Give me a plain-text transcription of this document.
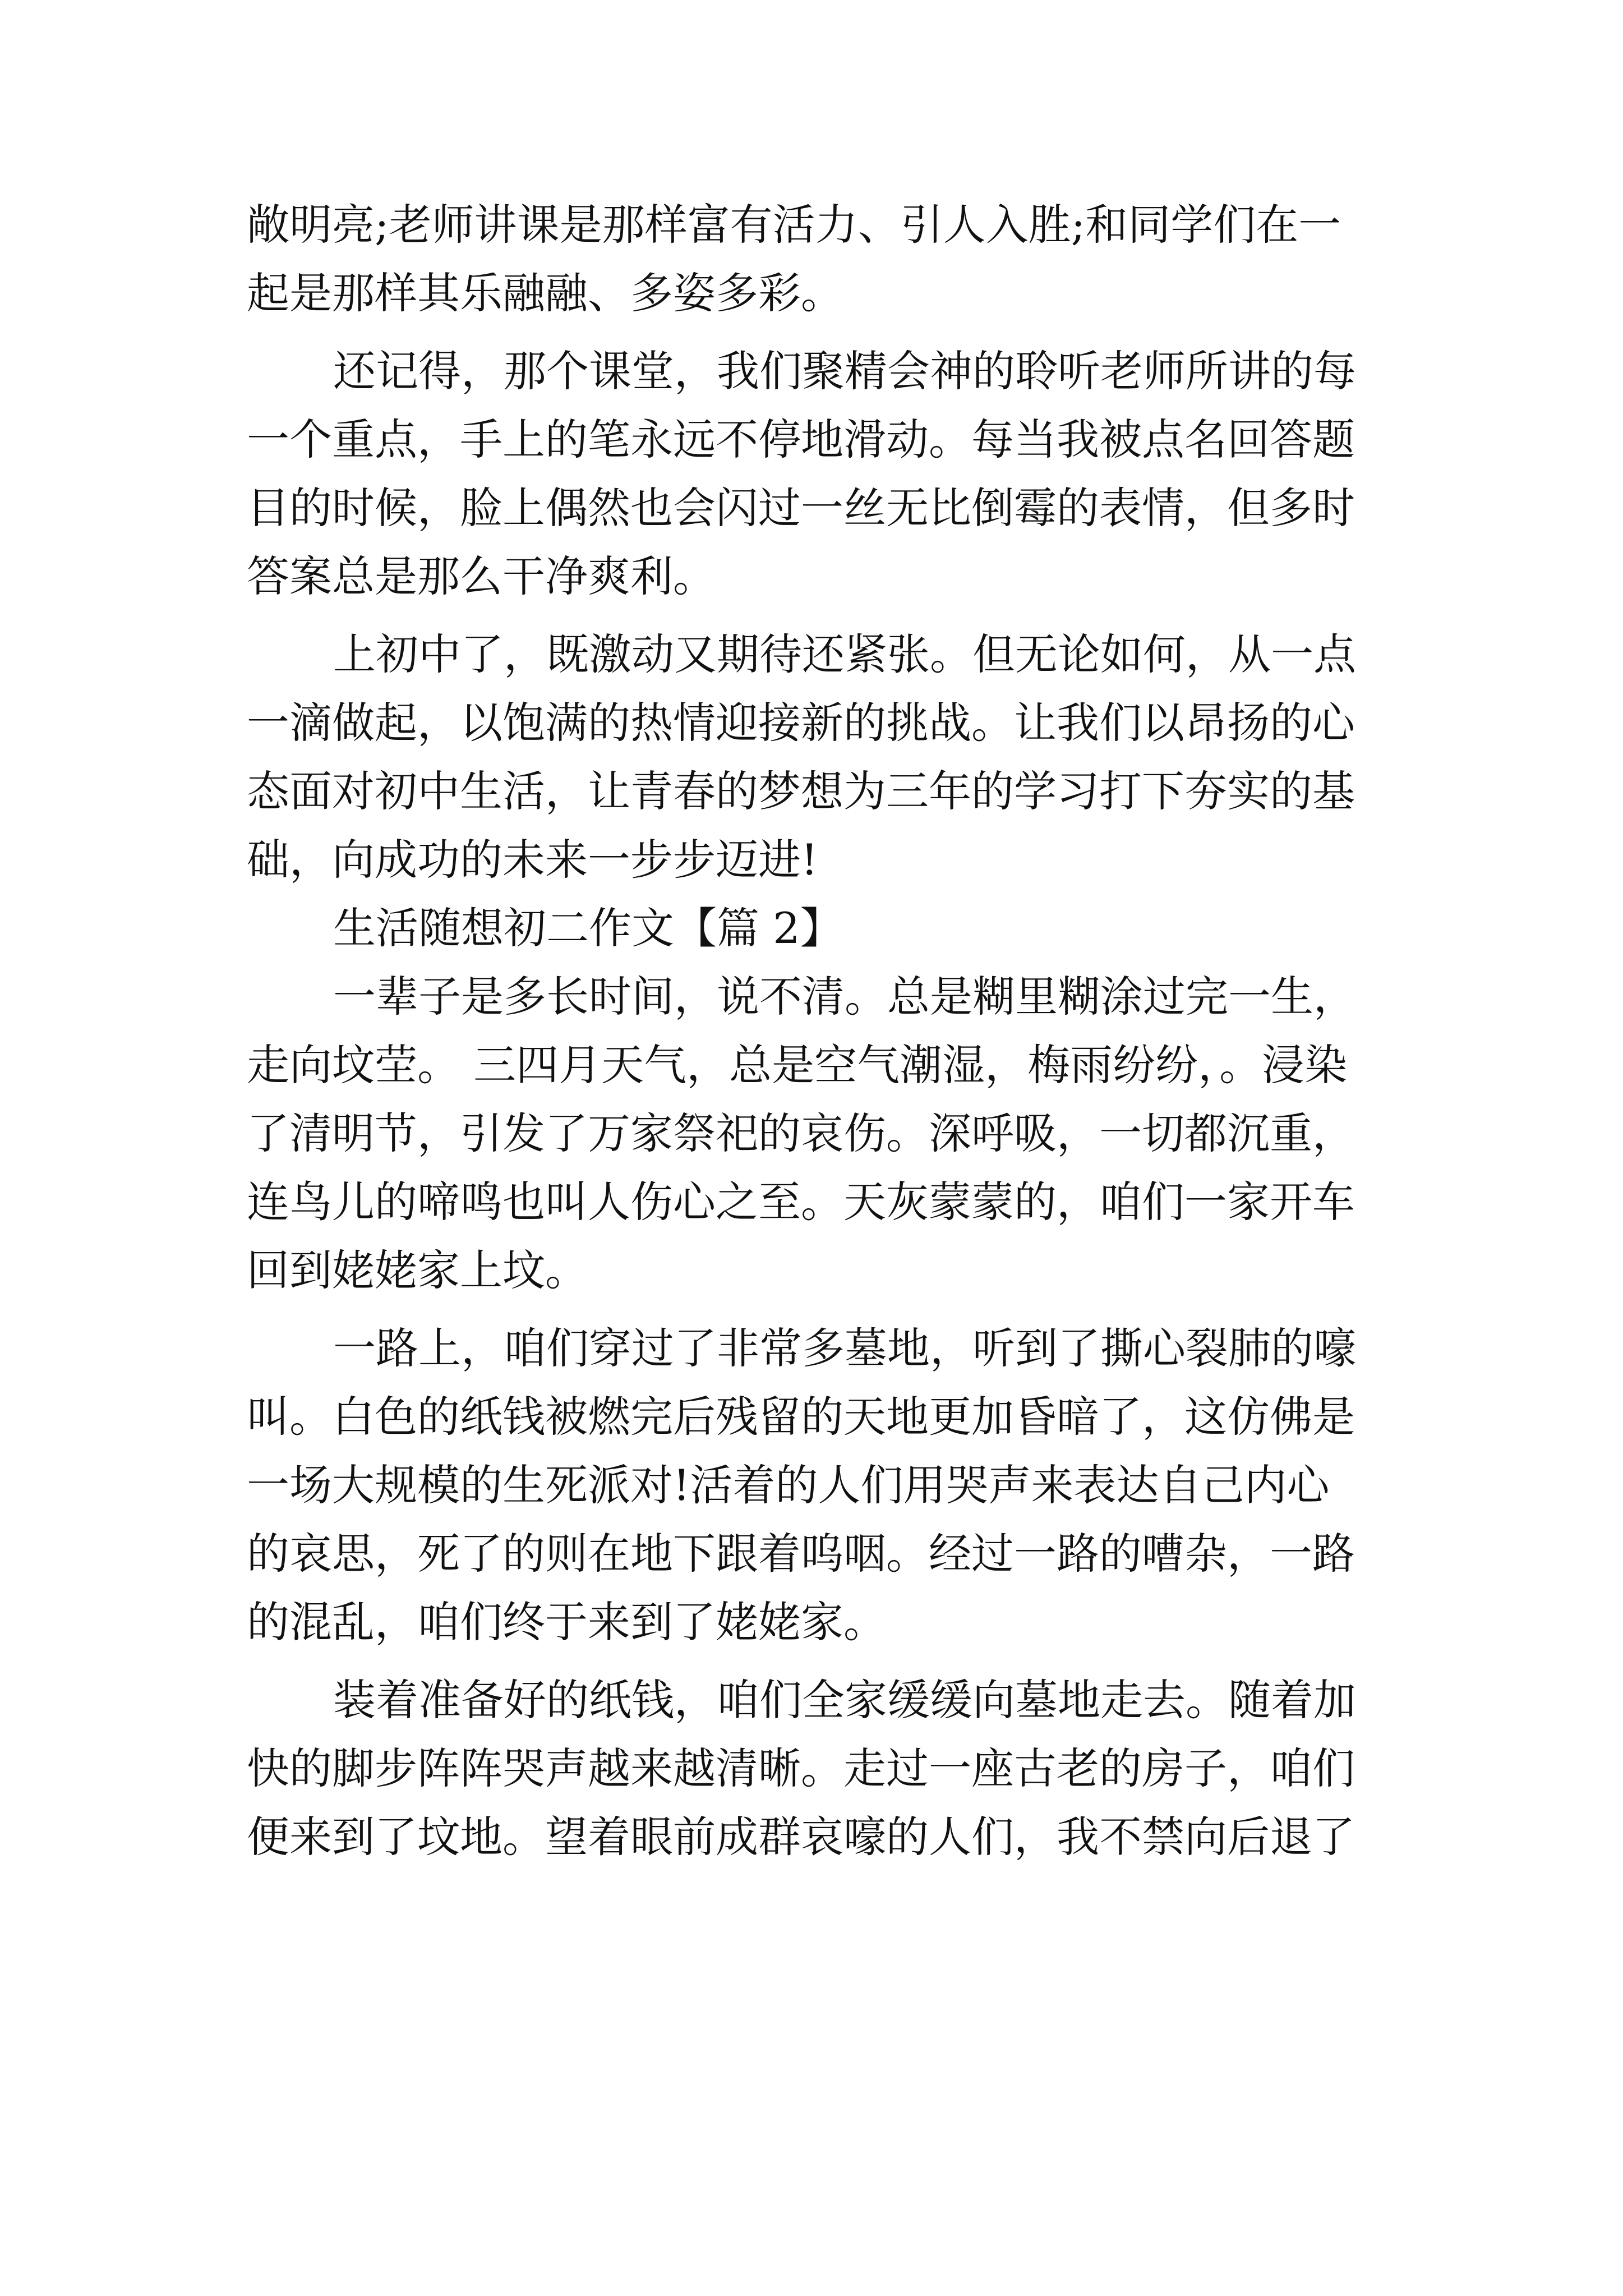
敞明亮;老师讲课是那样富有活力、引人入胜;和同学们在一
起是那样其乐融融、多姿多彩。
还记得，那个课堂，我们聚精会神的聆听老师所讲的每
一个重点，手上的笔永远不停地滑动。每当我被点名回答题
目的时候，脸上偶然也会闪过一丝无比倒霉的表情，但多时
答案总是那么干净爽利。
上初中了，既激动又期待还紧张。但无论如何，从一点
一滴做起，以饱满的热情迎接新的挑战。让我们以昂扬的心
态面对初中生活，让青春的梦想为三年的学习打下夯实的基
础，向成功的未来一步步迈进!
生活随想初二作文【篇 2】
一辈子是多长时间，说不清。总是糊里糊涂过完一生，
走向坟茔。 三四月天气，总是空气潮湿，梅雨纷纷，。浸染
了清明节，引发了万家祭祀的哀伤。深呼吸，一切都沉重，
连鸟儿的啼鸣也叫人伤心之至。天灰蒙蒙的，咱们一家开车
回到姥姥家上坟。
一路上，咱们穿过了非常多墓地，听到了撕心裂肺的嚎
叫。白色的纸钱被燃完后残留的天地更加昏暗了，这仿佛是
一场大规模的生死派对!活着的人们用哭声来表达自己内心
的哀思，死了的则在地下跟着呜咽。经过一路的嘈杂，一路
的混乱，咱们终于来到了姥姥家。
装着准备好的纸钱，咱们全家缓缓向墓地走去。随着加
快的脚步阵阵哭声越来越清晰。走过一座古老的房子，咱们
便来到了坟地。望着眼前成群哀嚎的人们，我不禁向后退了
